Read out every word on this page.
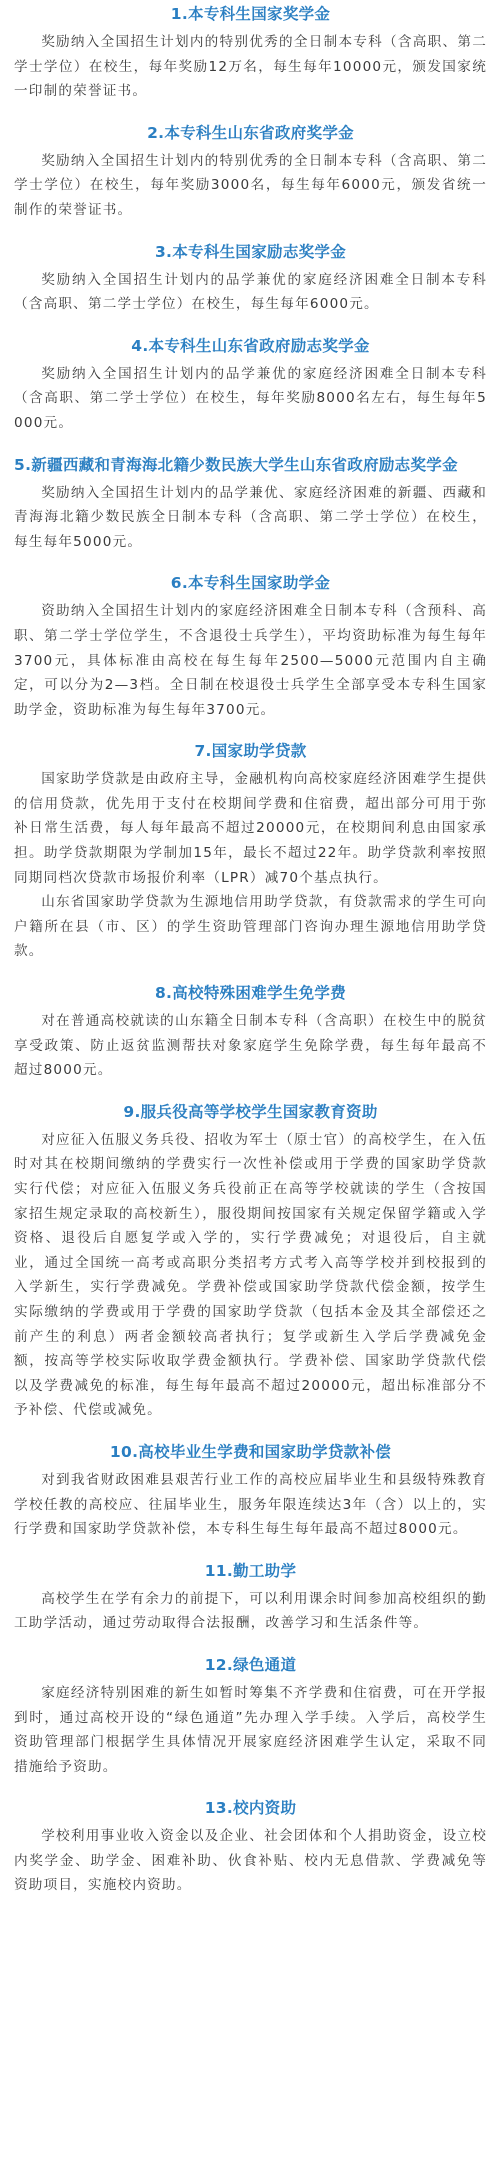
1.本专科生国家奖学金

奖励纳入全国招生计划内的特别优秀的全日制本专科（含高职、第二学士学位）在校生，每年奖励12万名，每生每年10000元，颁发国家统一印制的荣誉证书。

2.本专科生山东省政府奖学金

奖励纳入全国招生计划内的特别优秀的全日制本专科（含高职、第二学士学位）在校生，每年奖励3000名，每生每年6000元，颁发省统一制作的荣誉证书。

3.本专科生国家励志奖学金

奖励纳入全国招生计划内的品学兼优的家庭经济困难全日制本专科（含高职、第二学士学位）在校生，每生每年6000元。

4.本专科生山东省政府励志奖学金

奖励纳入全国招生计划内的品学兼优的家庭经济困难全日制本专科（含高职、第二学士学位）在校生，每年奖励8000名左右，每生每年5000元。

5.新疆西藏和青海海北籍少数民族大学生山东省政府励志奖学金

奖励纳入全国招生计划内的品学兼优、家庭经济困难的新疆、西藏和青海海北籍少数民族全日制本专科（含高职、第二学士学位）在校生，每生每年5000元。

6.本专科生国家助学金

资助纳入全国招生计划内的家庭经济困难全日制本专科（含预科、高职、第二学士学位学生，不含退役士兵学生），平均资助标准为每生每年3700元，具体标准由高校在每生每年2500—5000元范围内自主确定，可以分为2—3档。全日制在校退役士兵学生全部享受本专科生国家助学金，资助标准为每生每年3700元。

7.国家助学贷款

国家助学贷款是由政府主导，金融机构向高校家庭经济困难学生提供的信用贷款，优先用于支付在校期间学费和住宿费，超出部分可用于弥补日常生活费，每人每年最高不超过20000元，在校期间利息由国家承担。助学贷款期限为学制加15年，最长不超过22年。助学贷款利率按照同期同档次贷款市场报价利率（LPR）减70个基点执行。

山东省国家助学贷款为生源地信用助学贷款，有贷款需求的学生可向户籍所在县（市、区）的学生资助管理部门咨询办理生源地信用助学贷款。

8.高校特殊困难学生免学费

对在普通高校就读的山东籍全日制本专科（含高职）在校生中的脱贫享受政策、防止返贫监测帮扶对象家庭学生免除学费，每生每年最高不超过8000元。

9.服兵役高等学校学生国家教育资助

对应征入伍服义务兵役、招收为军士（原士官）的高校学生，在入伍时对其在校期间缴纳的学费实行一次性补偿或用于学费的国家助学贷款实行代偿；对应征入伍服义务兵役前正在高等学校就读的学生（含按国家招生规定录取的高校新生），服役期间按国家有关规定保留学籍或入学资格、退役后自愿复学或入学的，实行学费减免；对退役后，自主就业，通过全国统一高考或高职分类招考方式考入高等学校并到校报到的入学新生，实行学费减免。学费补偿或国家助学贷款代偿金额，按学生实际缴纳的学费或用于学费的国家助学贷款（包括本金及其全部偿还之前产生的利息）两者金额较高者执行；复学或新生入学后学费减免金额，按高等学校实际收取学费金额执行。学费补偿、国家助学贷款代偿以及学费减免的标准，每生每年最高不超过20000元，超出标准部分不予补偿、代偿或减免。

10.高校毕业生学费和国家助学贷款补偿

对到我省财政困难县艰苦行业工作的高校应届毕业生和县级特殊教育学校任教的高校应、往届毕业生，服务年限连续达3年（含）以上的，实行学费和国家助学贷款补偿，本专科生每生每年最高不超过8000元。

11.勤工助学

高校学生在学有余力的前提下，可以利用课余时间参加高校组织的勤工助学活动，通过劳动取得合法报酬，改善学习和生活条件等。

12.绿色通道

家庭经济特别困难的新生如暂时筹集不齐学费和住宿费，可在开学报到时，通过高校开设的“绿色通道”先办理入学手续。入学后，高校学生资助管理部门根据学生具体情况开展家庭经济困难学生认定，采取不同措施给予资助。

13.校内资助

学校利用事业收入资金以及企业、社会团体和个人捐助资金，设立校内奖学金、助学金、困难补助、伙食补贴、校内无息借款、学费减免等资助项目，实施校内资助。
